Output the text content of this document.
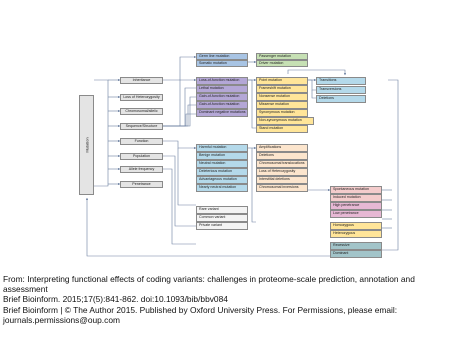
Mutation
Inheritance
Loss of Heterozygosity
Chromosomal/allelic
Sequence/Structure
Function
Population
Allele frequency
Penetrance
Germ line mutation
Somatic mutation
Passenger mutation
Driver mutation
Loss-of-function mutation
Lethal mutation
Gain-of-function mutation
Gain-of-function mutation
Dominant negative mutations
Point mutation
Frameshift mutation
Nonsense mutation
Missense mutation
Synonymous mutation
Non-synonymous mutation
Stand mutation
Transitions
Transversions
Deletions
Harmful mutation
Benign mutation
Neutral mutation
Deleterious mutation
Advantageous mutation
Nearly neutral mutation
Amplifications
Deletions
Chromosomal translocations
Loss of Heterozygosity
Interstitial deletions
Chromosomal inversions
Rare variant
Common variant
Private variant
Spontaneous mutation
Induced mutation
High penetrance
Low penetrance
Homozygous
Heterozygous
Recessive
Dominant
From: Interpreting functional effects of coding variants: challenges in proteome-scale prediction, annotation and assessment
Brief Bioinform. 2015;17(5):841-862. doi:10.1093/bib/bbv084
Brief Bioinform | © The Author 2015. Published by Oxford University Press. For Permissions, please email: journals.permissions@oup.com
